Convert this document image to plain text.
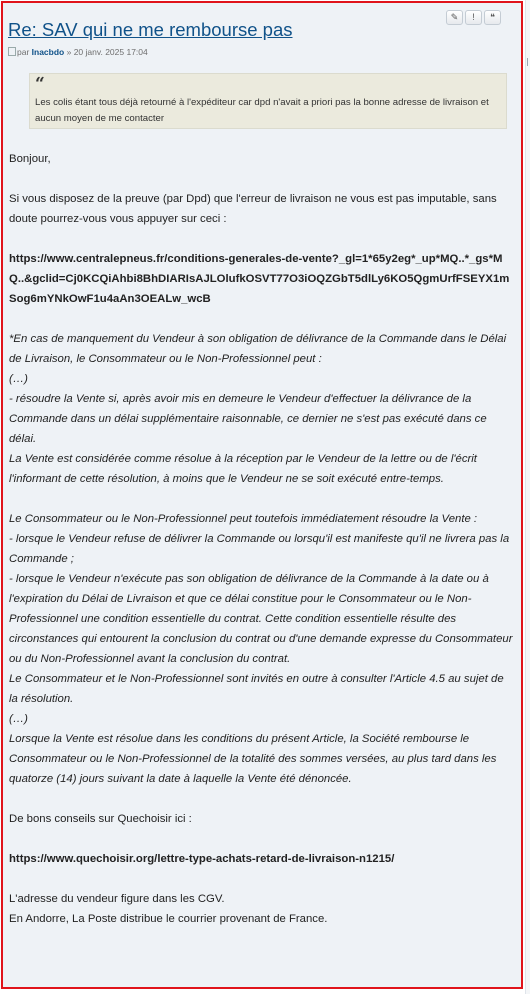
Re: SAV qui ne me rembourse pas
✎	!	❝
par Inacbdo » 20 janv. 2025 17:04
“
Les colis étant tous déjà retourné à l'expéditeur car dpd n'avait a priori pas la bonne adresse de livraison et aucun moyen de me contacter

Bonjour,

Si vous disposez de la preuve (par Dpd) que l'erreur de livraison ne vous est pas imputable, sans doute pourrez-vous vous appuyer sur ceci :

https://www.centralepneus.fr/conditions-generales-de-vente?_gl=1*65y2eg*_up*MQ..*_gs*MQ..&gclid=Cj0KCQiAhbi8BhDIARIsAJLOlufkOSVT77O3iOQZGbT5dlLy6KO5QgmUrfFSEYX1mSog6mYNkOwF1u4aAn3OEALw_wcB

*En cas de manquement du Vendeur à son obligation de délivrance de la Commande dans le Délai de Livraison, le Consommateur ou le Non-Professionnel peut :

(…)

- résoudre la Vente si, après avoir mis en demeure le Vendeur d'effectuer la délivrance de la Commande dans un délai supplémentaire raisonnable, ce dernier ne s'est pas exécuté dans ce délai.

La Vente est considérée comme résolue à la réception par le Vendeur de la lettre ou de l'écrit l'informant de cette résolution, à moins que le Vendeur ne se soit exécuté entre-temps.

Le Consommateur ou le Non-Professionnel peut toutefois immédiatement résoudre la Vente :

- lorsque le Vendeur refuse de délivrer la Commande ou lorsqu'il est manifeste qu'il ne livrera pas la Commande ;

- lorsque le Vendeur n'exécute pas son obligation de délivrance de la Commande à la date ou à l'expiration du Délai de Livraison et que ce délai constitue pour le Consommateur ou le Non-Professionnel une condition essentielle du contrat. Cette condition essentielle résulte des circonstances qui entourent la conclusion du contrat ou d'une demande expresse du Consommateur ou du Non-Professionnel avant la conclusion du contrat.

Le Consommateur et le Non-Professionnel sont invités en outre à consulter l'Article 4.5 au sujet de la résolution.

(…)

Lorsque la Vente est résolue dans les conditions du présent Article, la Société rembourse le Consommateur ou le Non-Professionnel de la totalité des sommes versées, au plus tard dans les quatorze (14) jours suivant la date à laquelle la Vente été dénoncée.

De bons conseils sur Quechoisir ici :

https://www.quechoisir.org/lettre-type-achats-retard-de-livraison-n1215/

L'adresse du vendeur figure dans les CGV.

En Andorre, La Poste distribue le courrier provenant de France.
